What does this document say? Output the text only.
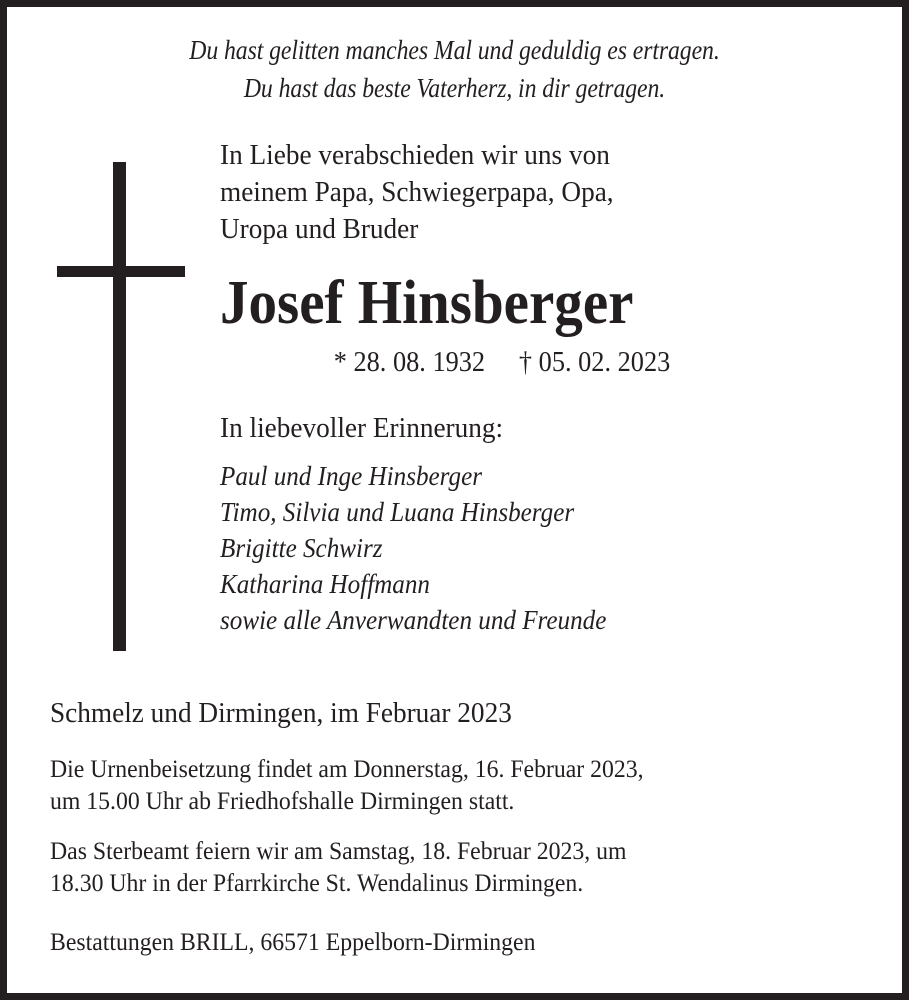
Du hast gelitten manches Mal und geduldig es ertragen.
Du hast das beste Vaterherz, in dir getragen.
In Liebe verabschieden wir uns von
meinem Papa, Schwiegerpapa, Opa,
Uropa und Bruder
Josef Hinsberger
* 28. 08. 1932 † 05. 02. 2023
In liebevoller Erinnerung:
Paul und Inge Hinsberger
Timo, Silvia und Luana Hinsberger
Brigitte Schwirz
Katharina Hoffmann
sowie alle Anverwandten und Freunde
Schmelz und Dirmingen, im Februar 2023
Die Urnenbeisetzung findet am Donnerstag, 16. Februar 2023,
um 15.00 Uhr ab Friedhofshalle Dirmingen statt.
Das Sterbeamt feiern wir am Samstag, 18. Februar 2023, um
18.30 Uhr in der Pfarrkirche St. Wendalinus Dirmingen.
Bestattungen BRILL, 66571 Eppelborn-Dirmingen
